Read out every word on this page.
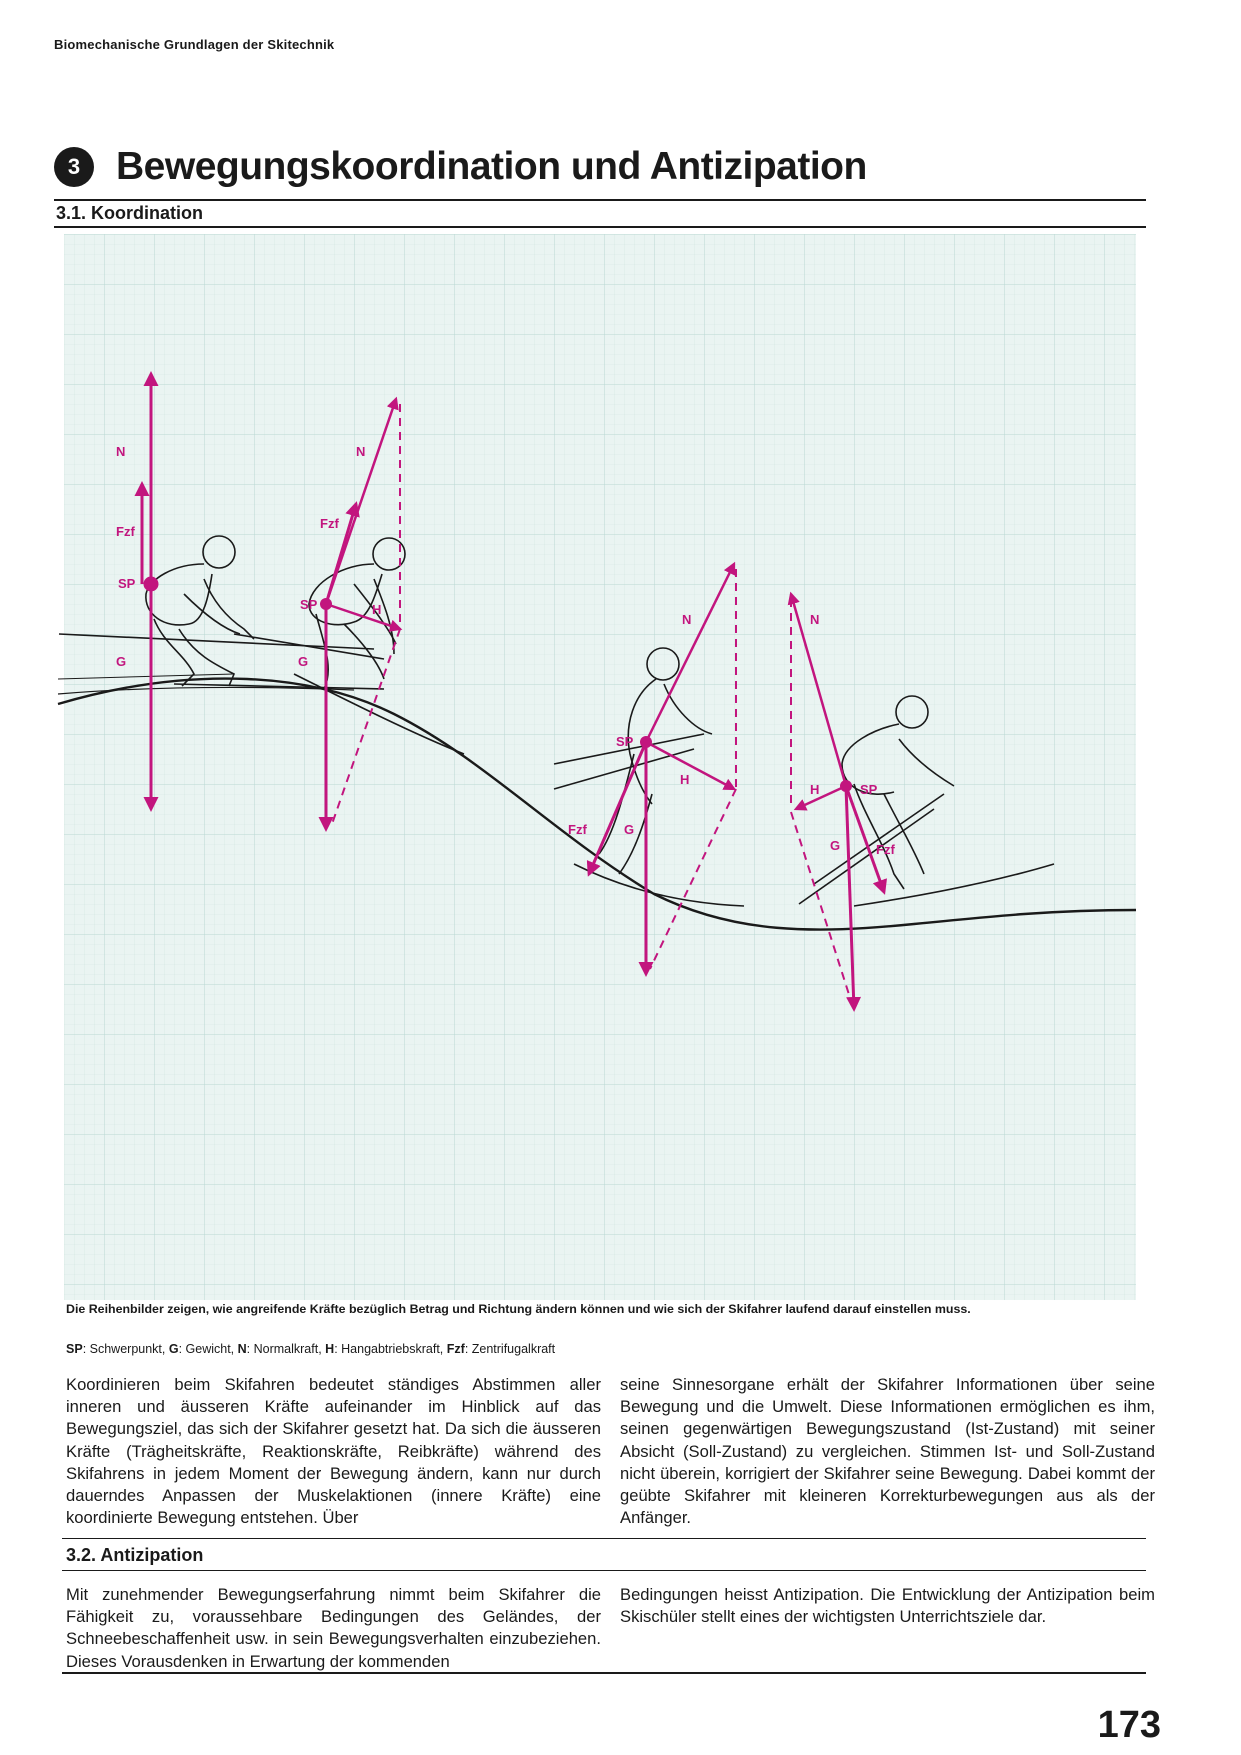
Biomechanische Grundlagen der Skitechnik
3 Bewegungskoordination und Antizipation
3.1. Koordination
N
Fzf
SP
G
N
Fzf
SP	H
G
N
SP
H
Fzf	G
N
H	SP
G	Fzf
Die Reihenbilder zeigen, wie angreifende Kräfte bezüglich Betrag und Richtung ändern können und wie sich der Skifahrer laufend darauf einstellen muss.
SP: Schwerpunkt, G: Gewicht, N: Normalkraft, H: Hangabtriebskraft, Fzf: Zentrifugalkraft
Koordinieren beim Skifahren bedeutet ständiges Abstimmen aller inneren und äusseren Kräfte aufeinander im Hinblick auf das Bewegungsziel, das sich der Skifahrer gesetzt hat. Da sich die äusseren Kräfte (Trägheitskräfte, Reaktionskräfte, Reibkräfte) während des Skifahrens in jedem Moment der Bewegung ändern, kann nur durch dauerndes Anpassen der Muskelaktionen (innere Kräfte) eine koordinierte Bewegung entstehen. Über
seine Sinnesorgane erhält der Skifahrer Informationen über seine Bewegung und die Umwelt. Diese Informationen ermöglichen es ihm, seinen gegenwärtigen Bewegungszustand (Ist-Zustand) mit seiner Absicht (Soll-Zustand) zu vergleichen. Stimmen Ist- und Soll-Zustand nicht überein, korrigiert der Skifahrer seine Bewegung. Dabei kommt der geübte Skifahrer mit kleineren Korrekturbewegungen aus als der Anfänger.
3.2. Antizipation
Mit zunehmender Bewegungserfahrung nimmt beim Skifahrer die Fähigkeit zu, voraussehbare Bedingungen des Geländes, der Schneebeschaffenheit usw. in sein Bewegungsverhalten einzubeziehen. Dieses Vorausdenken in Erwartung der kommenden
Bedingungen heisst Antizipation. Die Entwicklung der Antizipation beim Skischüler stellt eines der wichtigsten Unterrichtsziele dar.
173
